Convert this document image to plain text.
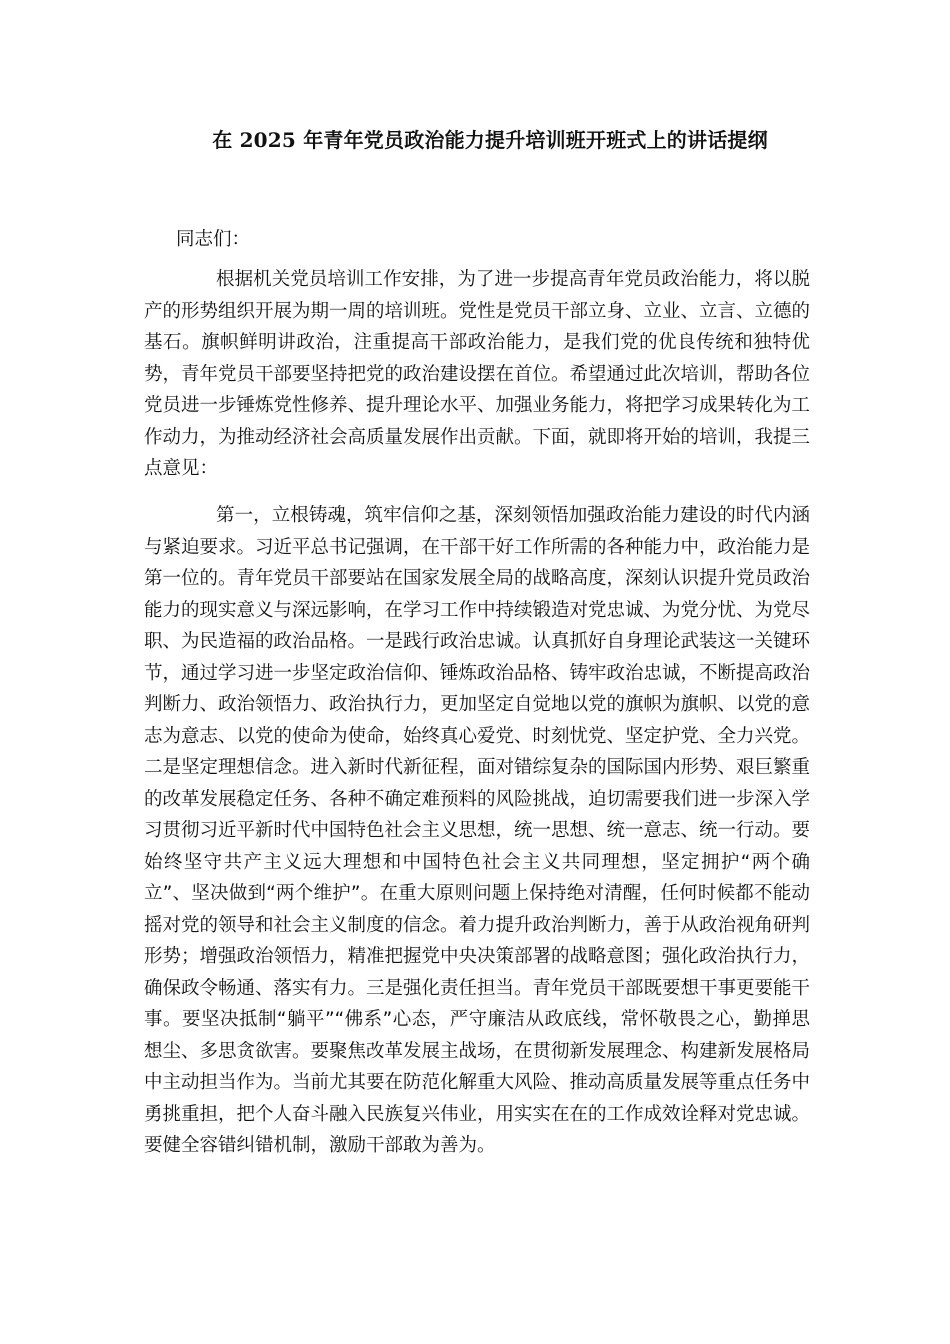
在 2025 年青年党员政治能力提升培训班开班式上的讲话提纲
同志们：
根据机关党员培训工作安排，为了进一步提高青年党员政治能力，将以脱产的形势组织开展为期一周的培训班。党性是党员干部立身、立业、立言、立德的基石。旗帜鲜明讲政治，注重提高干部政治能力，是我们党的优良传统和独特优势，青年党员干部要坚持把党的政治建设摆在首位。希望通过此次培训，帮助各位党员进一步锤炼党性修养、提升理论水平、加强业务能力，将把学习成果转化为工作动力，为推动经济社会高质量发展作出贡献。下面，就即将开始的培训，我提三点意见：
第一，立根铸魂，筑牢信仰之基，深刻领悟加强政治能力建设的时代内涵与紧迫要求。习近平总书记强调，在干部干好工作所需的各种能力中，政治能力是第一位的。青年党员干部要站在国家发展全局的战略高度，深刻认识提升党员政治能力的现实意义与深远影响，在学习工作中持续锻造对党忠诚、为党分忧、为党尽职、为民造福的政治品格。一是践行政治忠诚。认真抓好自身理论武装这一关键环节，通过学习进一步坚定政治信仰、锤炼政治品格、铸牢政治忠诚，不断提高政治判断力、政治领悟力、政治执行力，更加坚定自觉地以党的旗帜为旗帜、以党的意志为意志、以党的使命为使命，始终真心爱党、时刻忧党、坚定护党、全力兴党。二是坚定理想信念。进入新时代新征程，面对错综复杂的国际国内形势、艰巨繁重的改革发展稳定任务、各种不确定难预料的风险挑战，迫切需要我们进一步深入学习贯彻习近平新时代中国特色社会主义思想，统一思想、统一意志、统一行动。要始终坚守共产主义远大理想和中国特色社会主义共同理想，坚定拥护“两个确立”、坚决做到“两个维护”。在重大原则问题上保持绝对清醒，任何时候都不能动摇对党的领导和社会主义制度的信念。着力提升政治判断力，善于从政治视角研判形势；增强政治领悟力，精准把握党中央决策部署的战略意图；强化政治执行力，确保政令畅通、落实有力。三是强化责任担当。青年党员干部既要想干事更要能干事。要坚决抵制“躺平”“佛系”心态，严守廉洁从政底线，常怀敬畏之心，勤掸思想尘、多思贪欲害。要聚焦改革发展主战场，在贯彻新发展理念、构建新发展格局中主动担当作为。当前尤其要在防范化解重大风险、推动高质量发展等重点任务中勇挑重担，把个人奋斗融入民族复兴伟业，用实实在在的工作成效诠释对党忠诚。要健全容错纠错机制，激励干部敢为善为。
